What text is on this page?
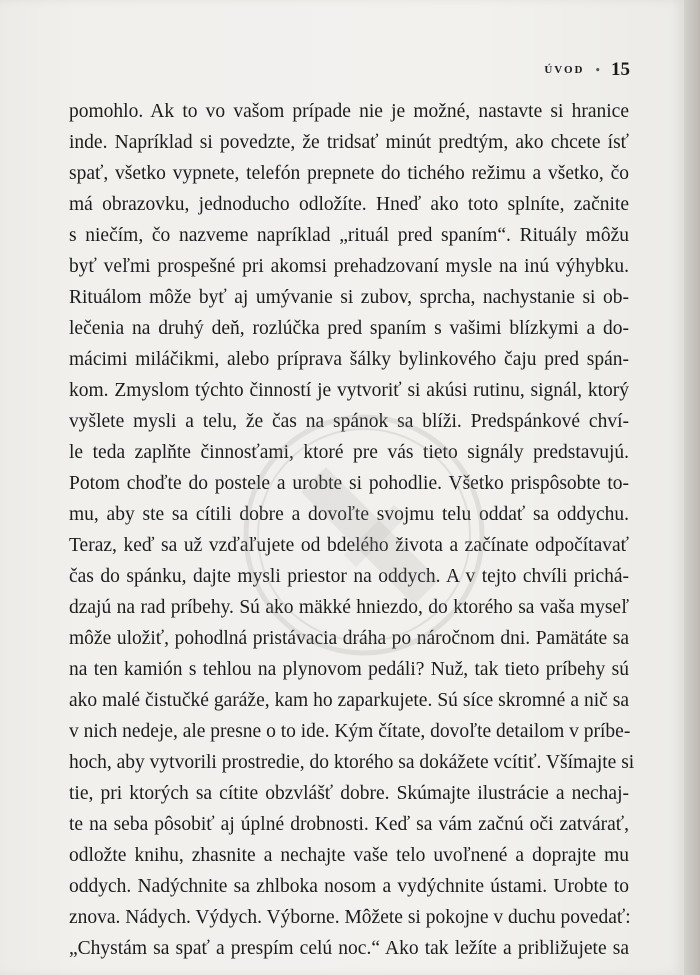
ÚVOD • 15
pomohlo. Ak to vo vašom prípade nie je možné, nastavte si hranice
inde. Napríklad si povedzte, že tridsať minút predtým, ako chcete ísť
spať, všetko vypnete, telefón prepnete do tichého režimu a všetko, čo
má obrazovku, jednoducho odložíte. Hneď ako toto splníte, začnite
s niečím, čo nazveme napríklad „rituál pred spaním“. Rituály môžu
byť veľmi prospešné pri akomsi prehadzovaní mysle na inú výhybku.
Rituálom môže byť aj umývanie si zubov, sprcha, nachystanie si ob-
lečenia na druhý deň, rozlúčka pred spaním s vašimi blízkymi a do-
mácimi miláčikmi, alebo príprava šálky bylinkového čaju pred spán-
kom. Zmyslom týchto činností je vytvoriť si akúsi rutinu, signál, ktorý
vyšlete mysli a telu, že čas na spánok sa blíži. Predspánkové chví-
le teda zaplňte činnosťami, ktoré pre vás tieto signály predstavujú.
Potom choďte do postele a urobte si pohodlie. Všetko prispôsobte to-
mu, aby ste sa cítili dobre a dovoľte svojmu telu oddať sa oddychu.
Teraz, keď sa už vzďaľujete od bdelého života a začínate odpočítavať
čas do spánku, dajte mysli priestor na oddych. A v tejto chvíli prichá-
dzajú na rad príbehy. Sú ako mäkké hniezdo, do ktorého sa vaša myseľ
môže uložiť, pohodlná pristávacia dráha po náročnom dni. Pamätáte sa
na ten kamión s tehlou na plynovom pedáli? Nuž, tak tieto príbehy sú
ako malé čistučké garáže, kam ho zaparkujete. Sú síce skromné a nič sa
v nich nedeje, ale presne o to ide. Kým čítate, dovoľte detailom v príbe-
hoch, aby vytvorili prostredie, do ktorého sa dokážete vcítiť. Všímajte si
tie, pri ktorých sa cítite obzvlášť dobre. Skúmajte ilustrácie a nechaj-
te na seba pôsobiť aj úplné drobnosti. Keď sa vám začnú oči zatvárať,
odložte knihu, zhasnite a nechajte vaše telo uvoľnené a doprajte mu
oddych. Nadýchnite sa zhlboka nosom a vydýchnite ústami. Urobte to
znova. Nádych. Výdych. Výborne. Môžete si pokojne v duchu povedať:
„Chystám sa spať a prespím celú noc.“ Ako tak ležíte a približujete sa
